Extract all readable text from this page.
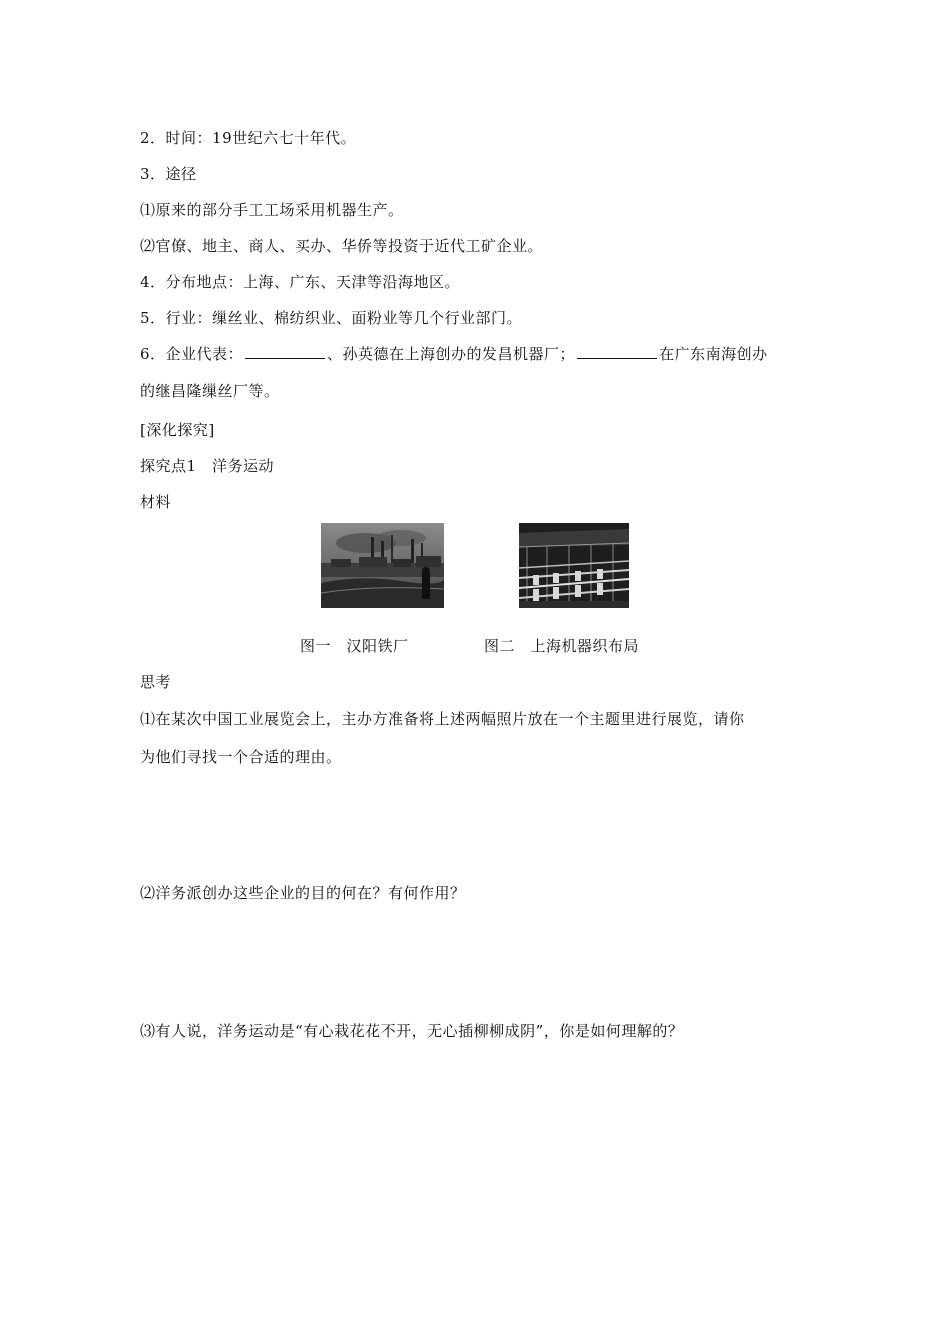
2．时间：19世纪六七十年代。
3．途径
⑴原来的部分手工工场采用机器生产。
⑵官僚、地主、商人、买办、华侨等投资于近代工矿企业。
4．分布地点：上海、广东、天津等沿海地区。
5．行业：缫丝业、棉纺织业、面粉业等几个行业部门。
6．企业代表：	、孙英德在上海创办的发昌机器厂；	在广东南海创办
的继昌隆缫丝厂等。
[深化探究]
探究点1　洋务运动
材料
图一　汉阳铁厂	图二　上海机器织布局
思考
⑴在某次中国工业展览会上，主办方准备将上述两幅照片放在一个主题里进行展览，请你
为他们寻找一个合适的理由。
⑵洋务派创办这些企业的目的何在？有何作用？
⑶有人说，洋务运动是“有心栽花花不开，无心插柳柳成阴”，你是如何理解的？
